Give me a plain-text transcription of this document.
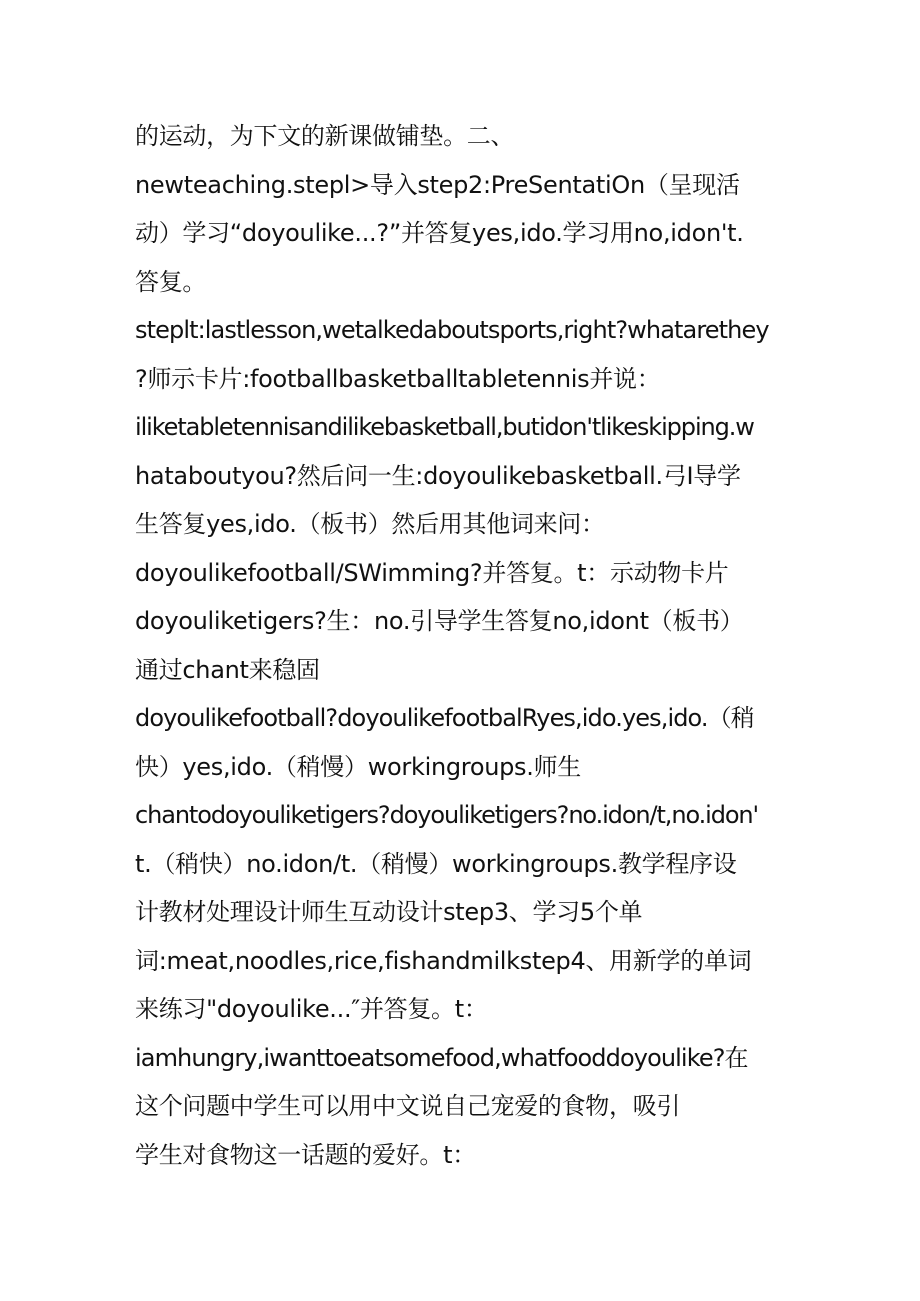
的运动，为下文的新课做铺垫。二、
newteaching.stepl>导入step2:PreSentatiOn（呈现活
动）学习“doyoulike...?”并答复yes,ido.学习用no,idon't.
答复。
steplt:lastlesson,wetalkedaboutsports,right?whatarethey
?师示卡片:footballbasketballtabletennis并说：
iliketabletennisandilikebasketball,butidon'tlikeskipping.w
hataboutyou?然后问一生:doyoulikebasketball.弓I导学
生答复yes,ido.（板书）然后用其他词来问：
doyoulikefootball/SWimming?并答复。t：示动物卡片
doyouliketigers?生：no.引导学生答复no,idont（板书）
通过chant来稳固
doyoulikefootball?doyoulikefootbalRyes,ido.yes,ido.（稍
快）yes,ido.（稍慢）workingroups.师生
chantodoyouliketigers?doyouliketigers?no.idon/t,no.idon'
t.（稍快）no.idon/t.（稍慢）workingroups.教学程序设
计教材处理设计师生互动设计step3、学习5个单
词:meat,noodles,rice,fishandmilkstep4、用新学的单词
来练习"doyoulike...″并答复。t：
iamhungry,iwanttoeatsomefood,whatfooddoyoulike?在
这个问题中学生可以用中文说自己宠爱的食物，吸引
学生对食物这一话题的爱好。t：
